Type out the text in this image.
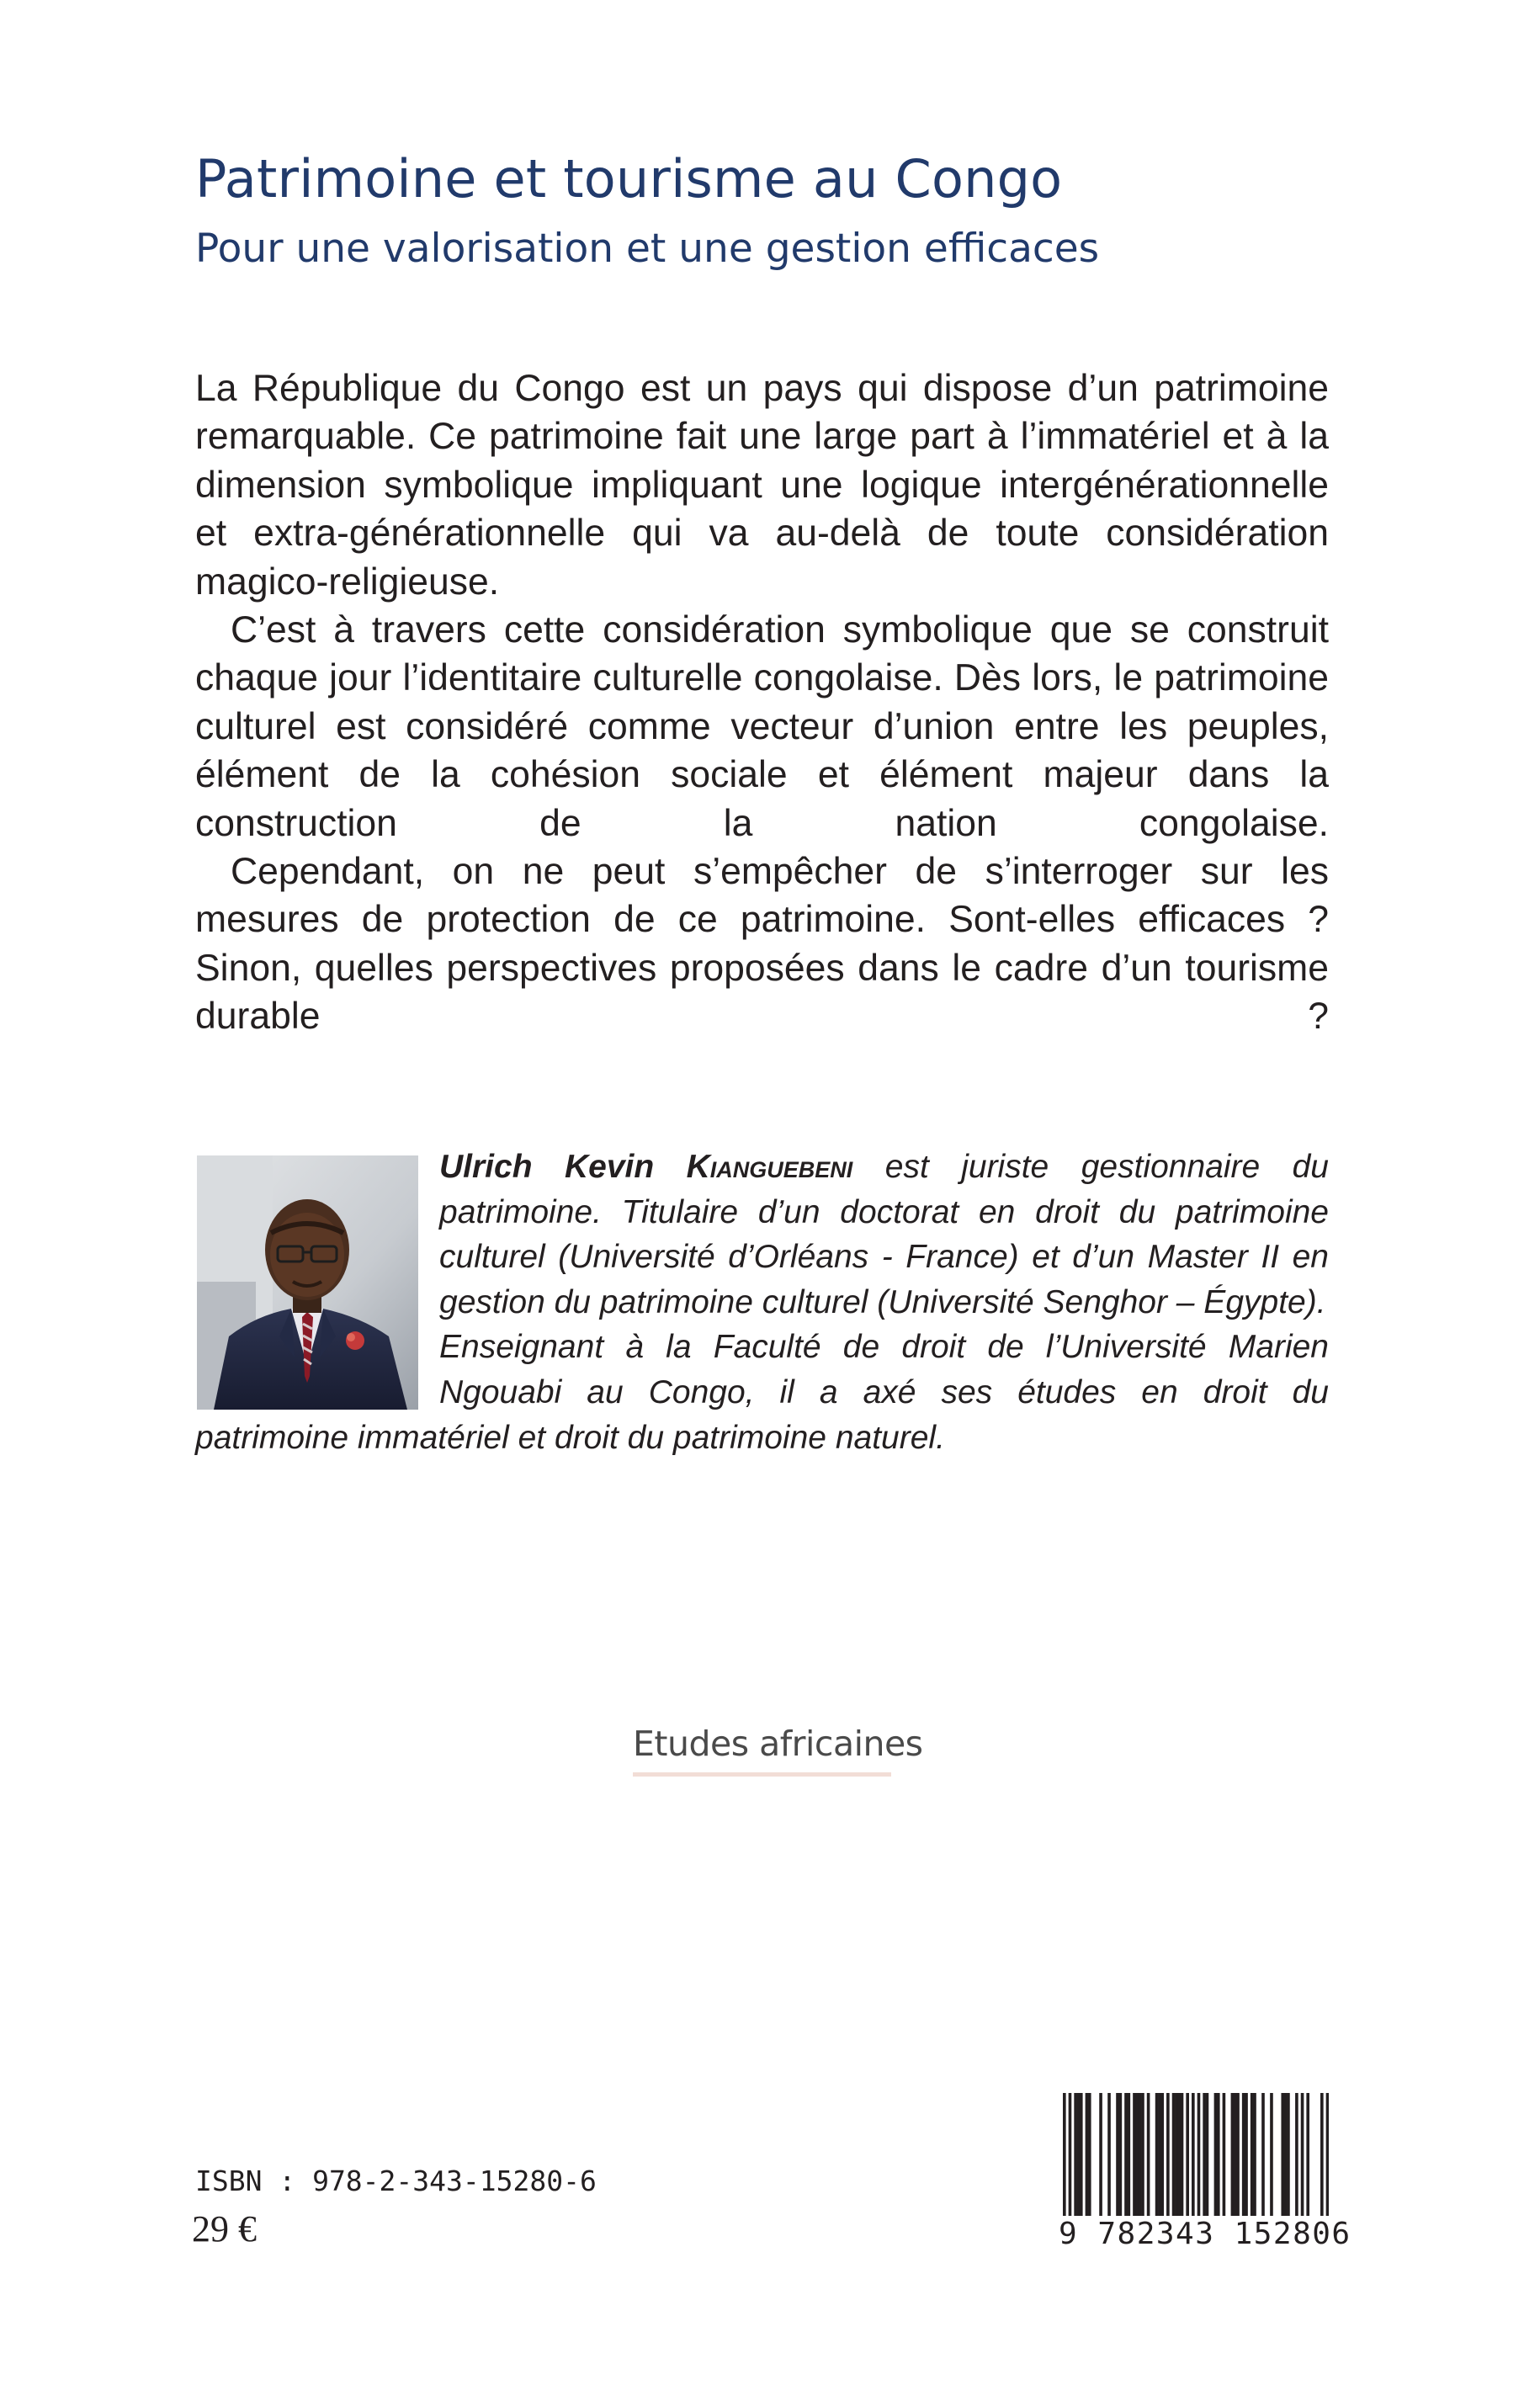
Patrimoine et tourisme au Congo
Pour une valorisation et une gestion efficaces

La République du Congo est un pays qui dispose d’un patrimoine remarquable. Ce patrimoine fait une large part à l’immatériel et à la dimension symbolique impliquant une logique intergénérationnelle et extra-générationnelle qui va au-delà de toute considération magico-religieuse.

C’est à travers cette considération symbolique que se construit chaque jour l’identitaire culturelle congolaise. Dès lors, le patrimoine culturel est considéré comme vecteur d’union entre les peuples, élément de la cohésion sociale et élément majeur dans la construction de la nation congolaise.

Cependant, on ne peut s’empêcher de s’interroger sur les mesures de protection de ce patrimoine. Sont-elles efficaces ? Sinon, quelles perspectives proposées dans le cadre d’un tourisme durable ?

Ulrich Kevin Kianguebeni est juriste gestionnaire du patrimoine. Titulaire d’un doctorat en droit du patrimoine culturel (Université d’Orléans - France) et d’un Master II en gestion du patrimoine culturel (Université Senghor – Égypte).

Enseignant à la Faculté de droit de l’Université Marien Ngouabi au Congo, il a axé ses études en droit du patrimoine immatériel et droit du patrimoine naturel.

Etudes africaines
ISBN : 978-2-343-15280-6
29 €	9 782343 152806
